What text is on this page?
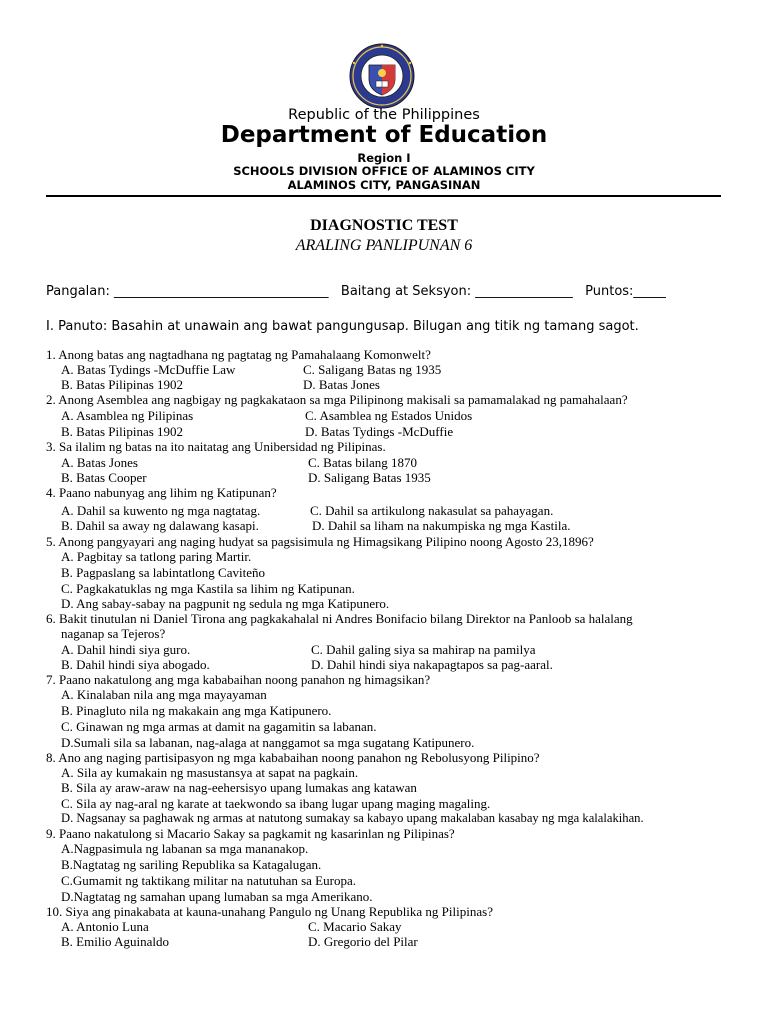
Republic of the Philippines
Department of Education
Region I
SCHOOLS DIVISION OFFICE OF ALAMINOS CITY
ALAMINOS CITY, PANGASINAN
DIAGNOSTIC TEST
ARALING PANLIPUNAN 6
Pangalan: _________________________________   Baitang at Seksyon: _______________   Puntos:_____
I. Panuto: Basahin at unawain ang bawat pangungusap. Bilugan ang titik ng tamang sagot.
1. Anong batas ang nagtadhana ng pagtatag ng Pamahalaang Komonwelt?
A. Batas Tydings -McDuffie Law	C. Saligang Batas ng 1935
B. Batas Pilipinas 1902	D. Batas Jones
2. Anong Asemblea ang nagbigay ng pagkakataon sa mga Pilipinong makisali sa pamamalakad ng pamahalaan?
A. Asamblea ng Pilipinas	C. Asamblea ng Estados Unidos
B. Batas Pilipinas 1902	D. Batas Tydings -McDuffie
3. Sa ilalim ng batas na ito naitatag ang Unibersidad ng Pilipinas.
A. Batas Jones	C. Batas bilang 1870
B. Batas Cooper	D. Saligang Batas 1935
4. Paano nabunyag ang lihim ng Katipunan?
A. Dahil sa kuwento ng mga nagtatag.	C. Dahil sa artikulong nakasulat sa pahayagan.
B. Dahil sa away ng dalawang kasapi.	D. Dahil sa liham na nakumpiska ng mga Kastila.
5. Anong pangyayari ang naging hudyat sa pagsisimula ng Himagsikang Pilipino noong Agosto 23,1896?
A. Pagbitay sa tatlong paring Martir.
B. Pagpaslang sa labintatlong Caviteño
C. Pagkakatuklas ng mga Kastila sa lihim ng Katipunan.
D. Ang sabay-sabay na pagpunit ng sedula ng mga Katipunero.
6. Bakit tinutulan ni Daniel Tirona ang pagkakahalal ni Andres Bonifacio bilang Direktor na Panloob sa halalang
naganap sa Tejeros?
A. Dahil hindi siya guro.	C. Dahil galing siya sa mahirap na pamilya
B. Dahil hindi siya abogado.	D. Dahil hindi siya nakapagtapos sa pag-aaral.
7. Paano nakatulong ang mga kababaihan noong panahon ng himagsikan?
A. Kinalaban nila ang mga mayayaman
B. Pinagluto nila ng makakain ang mga Katipunero.
C. Ginawan ng mga armas at damit na gagamitin sa labanan.
D.Sumali sila sa labanan, nag-alaga at nanggamot sa mga sugatang Katipunero.
8. Ano ang naging partisipasyon ng mga kababaihan noong panahon ng Rebolusyong Pilipino?
A. Sila ay kumakain ng masustansya at sapat na pagkain.
B. Sila ay araw-araw na nag-eehersisyo upang lumakas ang katawan
C. Sila ay nag-aral ng karate at taekwondo sa ibang lugar upang maging magaling.
D. Nagsanay sa paghawak ng armas at natutong sumakay sa kabayo upang makalaban kasabay ng mga kalalakihan.
9. Paano nakatulong si Macario Sakay sa pagkamit ng kasarinlan ng Pilipinas?
A.Nagpasimula ng labanan sa mga mananakop.
B.Nagtatag ng sariling Republika sa Katagalugan.
C.Gumamit ng taktikang militar na natutuhan sa Europa.
D.Nagtatag ng samahan upang lumaban sa mga Amerikano.
10. Siya ang pinakabata at kauna-unahang Pangulo ng Unang Republika ng Pilipinas?
A. Antonio Luna	C. Macario Sakay
B. Emilio Aguinaldo	D. Gregorio del Pilar
